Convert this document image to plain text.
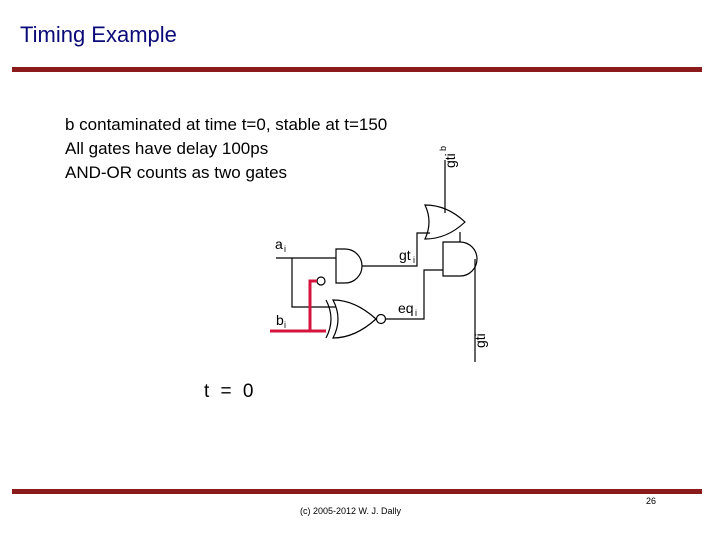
Timing Example
b contaminated at time t=0, stable at t=150
All gates have delay 100ps
AND-OR counts as two gates
a i
b i
gt i
eq i
gti
b
gti
t = 0
(c) 2005-2012 W. J. Dally
26
